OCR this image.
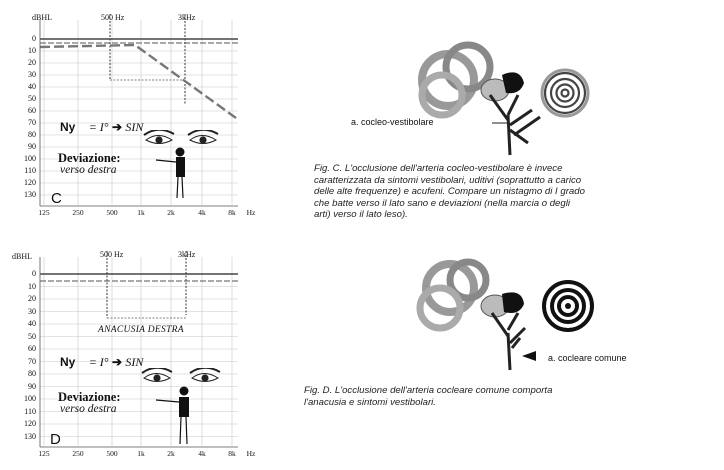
dBHL	500 Hz	3kHz
0
10
20
30
40
50
60
70
80
90
100
110
120
130
125	250	500	1k	2k	4k	8k	Hz
Ny = I° ➔ SIN
Deviazione:
verso destra
C
dBHL	500 Hz	3kHz
0
10
20
30
40
50
60
70
80
90
100
110
120
130
125	250	500	1k	2k	4k	8k	Hz
ANACUSIA DESTRA
Ny = I° ➔ SIN
Deviazione:
verso destra
D
a. cocleo-vestibolare
a. cocleare comune
Fig. C. L'occlusione dell'arteria cocleo-vestibolare è invece
caratterizzata da sintomi vestibolari, uditivi (soprattutto a carico
delle alte frequenze) e acufeni. Compare un nistagmo di I grado
che batte verso il lato sano e deviazioni (nella marcia o degli
arti) verso il lato leso).
Fig. D. L'occlusione dell'arteria cocleare comune comporta
l'anacusia e sintomi vestibolari.
